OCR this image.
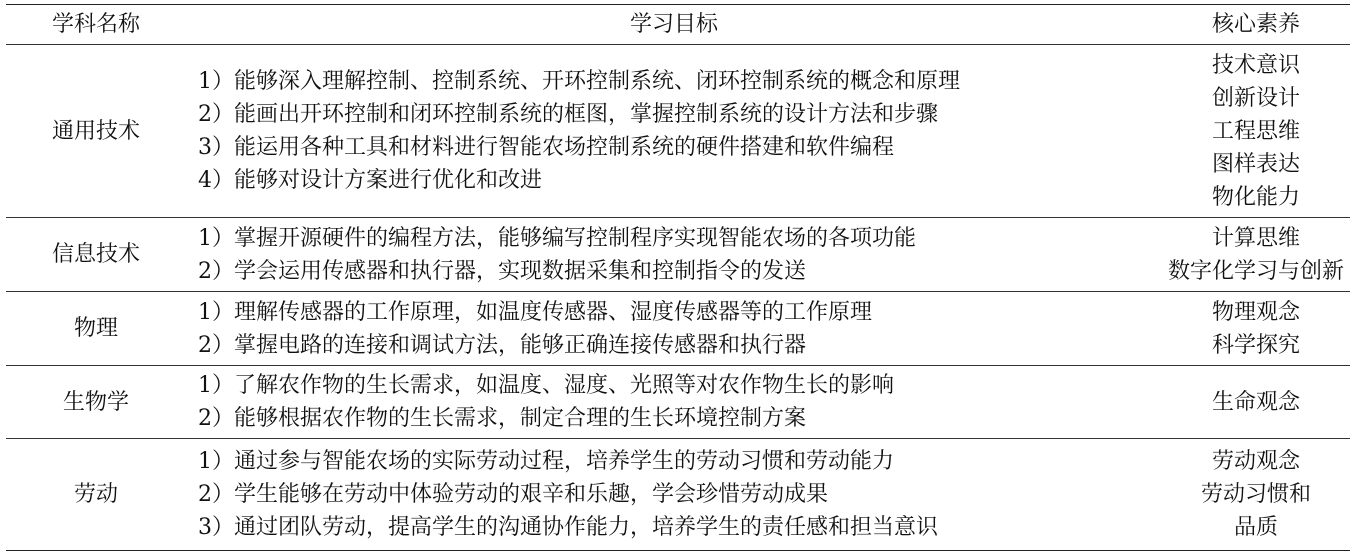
学科名称	学习目标	核心素养
通用技术
1）能够深入理解控制、控制系统、开环控制系统、闭环控制系统的概念和原理
2）能画出开环控制和闭环控制系统的框图，掌握控制系统的设计方法和步骤
3）能运用各种工具和材料进行智能农场控制系统的硬件搭建和软件编程
4）能够对设计方案进行优化和改进
技术意识
创新设计
工程思维
图样表达
物化能力
信息技术
1）掌握开源硬件的编程方法，能够编写控制程序实现智能农场的各项功能
2）学会运用传感器和执行器，实现数据采集和控制指令的发送
计算思维
数字化学习与创新
物理
1）理解传感器的工作原理，如温度传感器、湿度传感器等的工作原理
2）掌握电路的连接和调试方法，能够正确连接传感器和执行器
物理观念
科学探究
生物学
1）了解农作物的生长需求，如温度、湿度、光照等对农作物生长的影响
2）能够根据农作物的生长需求，制定合理的生长环境控制方案
生命观念
劳动
1）通过参与智能农场的实际劳动过程，培养学生的劳动习惯和劳动能力
2）学生能够在劳动中体验劳动的艰辛和乐趣，学会珍惜劳动成果
3）通过团队劳动，提高学生的沟通协作能力，培养学生的责任感和担当意识
劳动观念
劳动习惯和
品质
